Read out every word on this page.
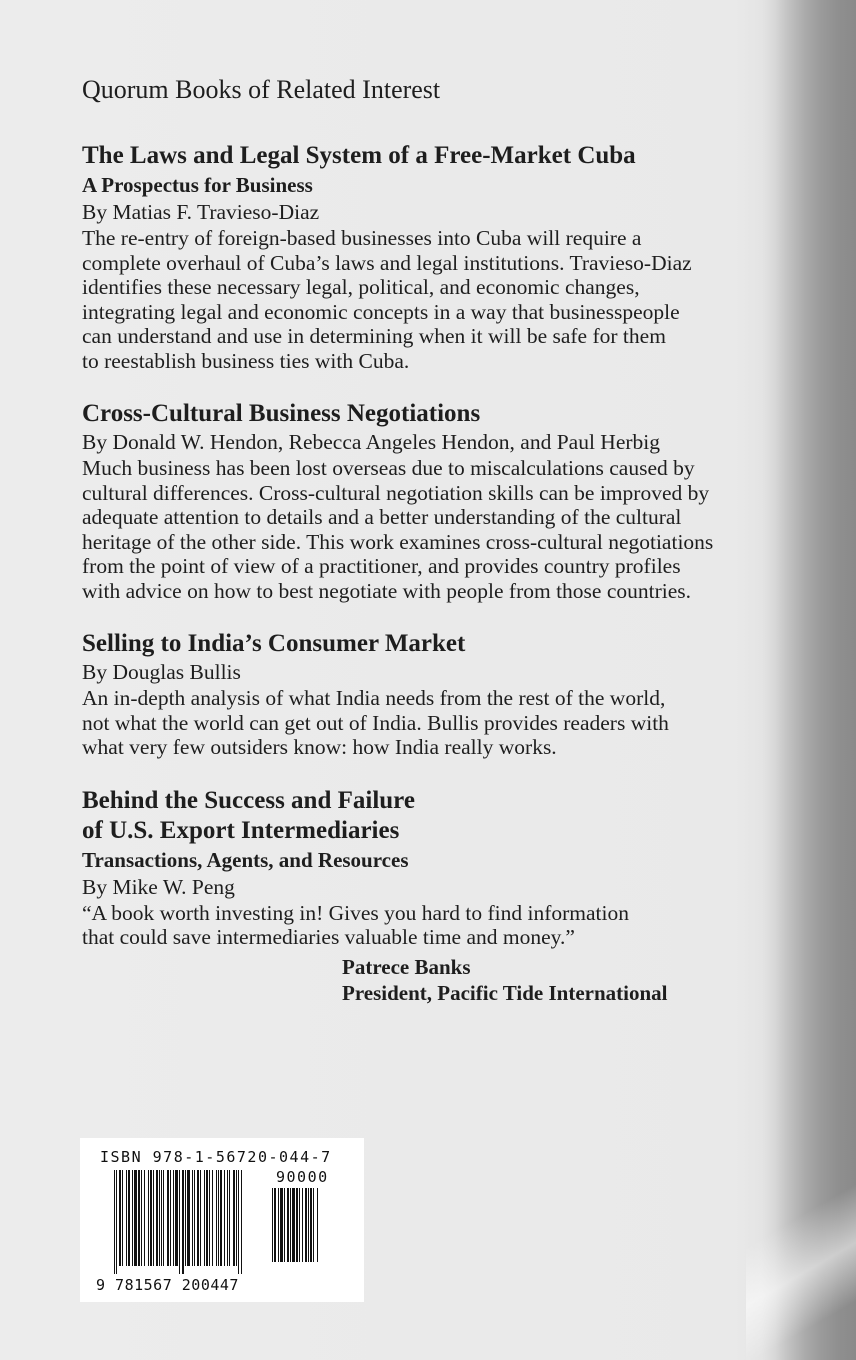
Quorum Books of Related Interest
The Laws and Legal System of a Free-Market Cuba
A Prospectus for Business
By Matias F. Travieso-Diaz
The re-entry of foreign-based businesses into Cuba will require a
complete overhaul of Cuba’s laws and legal institutions. Travieso-Diaz
identifies these necessary legal, political, and economic changes,
integrating legal and economic concepts in a way that businesspeople
can understand and use in determining when it will be safe for them
to reestablish business ties with Cuba.
Cross-Cultural Business Negotiations
By Donald W. Hendon, Rebecca Angeles Hendon, and Paul Herbig
Much business has been lost overseas due to miscalculations caused by
cultural differences. Cross-cultural negotiation skills can be improved by
adequate attention to details and a better understanding of the cultural
heritage of the other side. This work examines cross-cultural negotiations
from the point of view of a practitioner, and provides country profiles
with advice on how to best negotiate with people from those countries.
Selling to India’s Consumer Market
By Douglas Bullis
An in-depth analysis of what India needs from the rest of the world,
not what the world can get out of India. Bullis provides readers with
what very few outsiders know: how India really works.
Behind the Success and Failure
of U.S. Export Intermediaries
Transactions, Agents, and Resources
By Mike W. Peng
“A book worth investing in! Gives you hard to find information
that could save intermediaries valuable time and money.”
Patrece Banks
President, Pacific Tide International
ISBN 978-1-56720-044-7
90000
9 781567 200447
